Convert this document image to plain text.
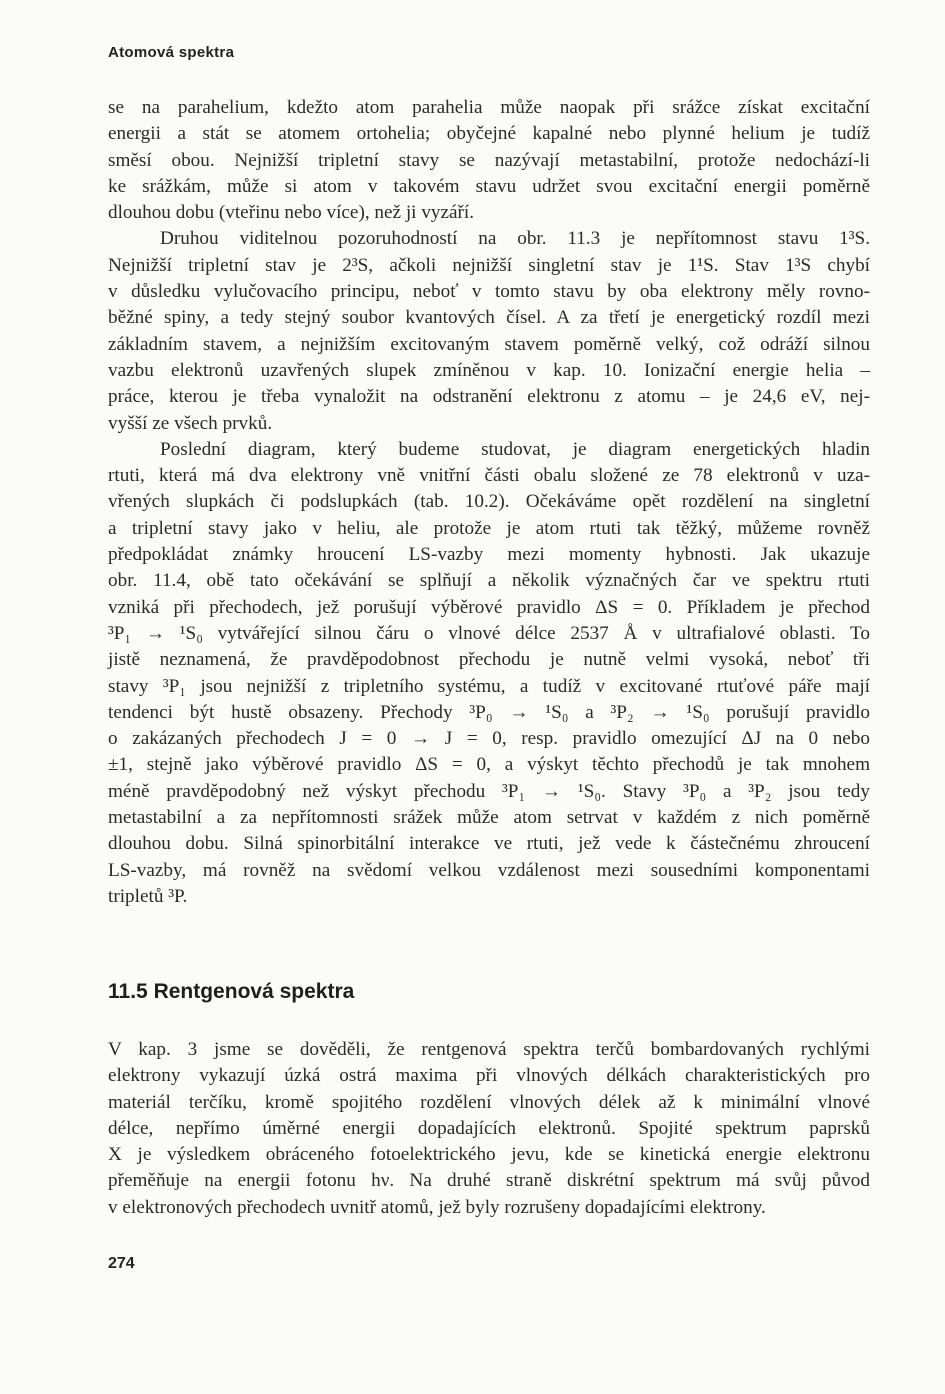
Atomová spektra
se na parahelium, kdežto atom parahelia může naopak při srážce získat excitační
energii a stát se atomem ortohelia; obyčejné kapalné nebo plynné helium je tudíž
směsí obou. Nejnižší tripletní stavy se nazývají metastabilní, protože nedochází-li
ke srážkám, může si atom v takovém stavu udržet svou excitační energii poměrně
dlouhou dobu (vteřinu nebo více), než ji vyzáří.
Druhou viditelnou pozoruhodností na obr. 11.3 je nepřítomnost stavu 1³S.
Nejnižší tripletní stav je 2³S, ačkoli nejnižší singletní stav je 1¹S. Stav 1³S chybí
v důsledku vylučovacího principu, neboť v tomto stavu by oba elektrony měly rovno-
běžné spiny, a tedy stejný soubor kvantových čísel. A za třetí je energetický rozdíl mezi
základním stavem, a nejnižším excitovaným stavem poměrně velký, což odráží silnou
vazbu elektronů uzavřených slupek zmíněnou v kap. 10. Ionizační energie helia –
práce, kterou je třeba vynaložit na odstranění elektronu z atomu – je 24,6 eV, nej-
vyšší ze všech prvků.
Poslední diagram, který budeme studovat, je diagram energetických hladin
rtuti, která má dva elektrony vně vnitřní části obalu složené ze 78 elektronů v uza-
vřených slupkách či podslupkách (tab. 10.2). Očekáváme opět rozdělení na singletní
a tripletní stavy jako v heliu, ale protože je atom rtuti tak těžký, můžeme rovněž
předpokládat známky hroucení LS-vazby mezi momenty hybnosti. Jak ukazuje
obr. 11.4, obě tato očekávání se splňují a několik význačných čar ve spektru rtuti
vzniká při přechodech, jež porušují výběrové pravidlo ΔS = 0. Příkladem je přechod
³P₁ → ¹S₀ vytvářející silnou čáru o vlnové délce 2537 Å v ultrafialové oblasti. To
jistě neznamená, že pravděpodobnost přechodu je nutně velmi vysoká, neboť tři
stavy ³P₁ jsou nejnižší z tripletního systému, a tudíž v excitované rtuťové páře mají
tendenci být hustě obsazeny. Přechody ³P₀ → ¹S₀ a ³P₂ → ¹S₀ porušují pravidlo
o zakázaných přechodech J = 0 → J = 0, resp. pravidlo omezující ΔJ na 0 nebo
±1, stejně jako výběrové pravidlo ΔS = 0, a výskyt těchto přechodů je tak mnohem
méně pravděpodobný než výskyt přechodu ³P₁ → ¹S₀. Stavy ³P₀ a ³P₂ jsou tedy
metastabilní a za nepřítomnosti srážek může atom setrvat v každém z nich poměrně
dlouhou dobu. Silná spinorbitální interakce ve rtuti, jež vede k částečnému zhroucení
LS-vazby, má rovněž na svědomí velkou vzdálenost mezi sousedními komponentami
tripletů ³P.
11.5 Rentgenová spektra
V kap. 3 jsme se dověděli, že rentgenová spektra terčů bombardovaných rychlými
elektrony vykazují úzká ostrá maxima při vlnových délkách charakteristických pro
materiál terčíku, kromě spojitého rozdělení vlnových délek až k minimální vlnové
délce, nepřímo úměrné energii dopadajících elektronů. Spojité spektrum paprsků
X je výsledkem obráceného fotoelektrického jevu, kde se kinetická energie elektronu
přeměňuje na energii fotonu hν. Na druhé straně diskrétní spektrum má svůj původ
v elektronových přechodech uvnitř atomů, jež byly rozrušeny dopadajícími elektrony.
274
